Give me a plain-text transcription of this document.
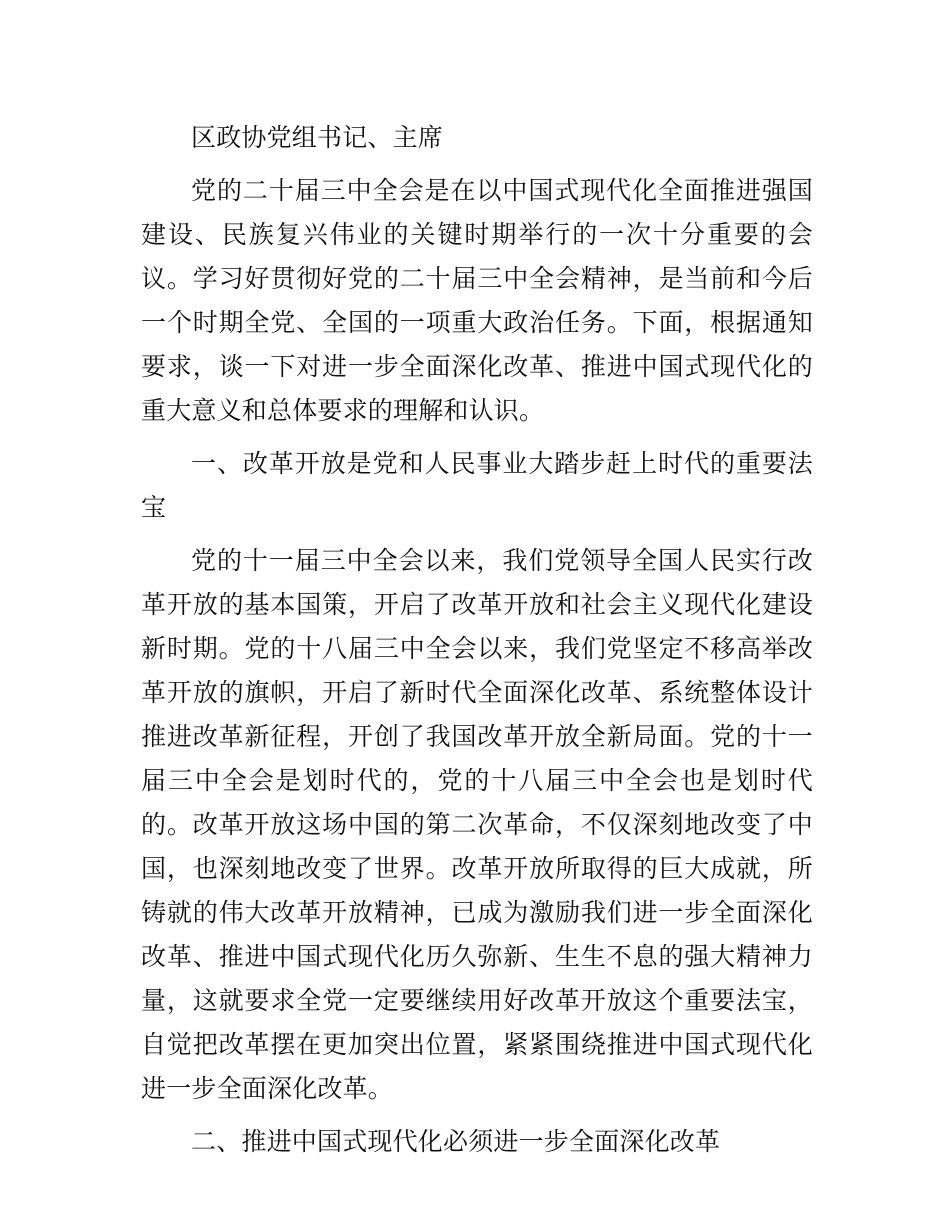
区政协党组书记、主席

党的二十届三中全会是在以中国式现代化全面推进强国建设、民族复兴伟业的关键时期举行的一次十分重要的会议。学习好贯彻好党的二十届三中全会精神，是当前和今后一个时期全党、全国的一项重大政治任务。下面，根据通知要求，谈一下对进一步全面深化改革、推进中国式现代化的重大意义和总体要求的理解和认识。

一、改革开放是党和人民事业大踏步赶上时代的重要法宝

党的十一届三中全会以来，我们党领导全国人民实行改革开放的基本国策，开启了改革开放和社会主义现代化建设新时期。党的十八届三中全会以来，我们党坚定不移高举改革开放的旗帜，开启了新时代全面深化改革、系统整体设计推进改革新征程，开创了我国改革开放全新局面。党的十一届三中全会是划时代的，党的十八届三中全会也是划时代的。改革开放这场中国的第二次革命，不仅深刻地改变了中国，也深刻地改变了世界。改革开放所取得的巨大成就，所铸就的伟大改革开放精神，已成为激励我们进一步全面深化改革、推进中国式现代化历久弥新、生生不息的强大精神力量，这就要求全党一定要继续用好改革开放这个重要法宝，自觉把改革摆在更加突出位置，紧紧围绕推进中国式现代化进一步全面深化改革。

二、推进中国式现代化必须进一步全面深化改革
